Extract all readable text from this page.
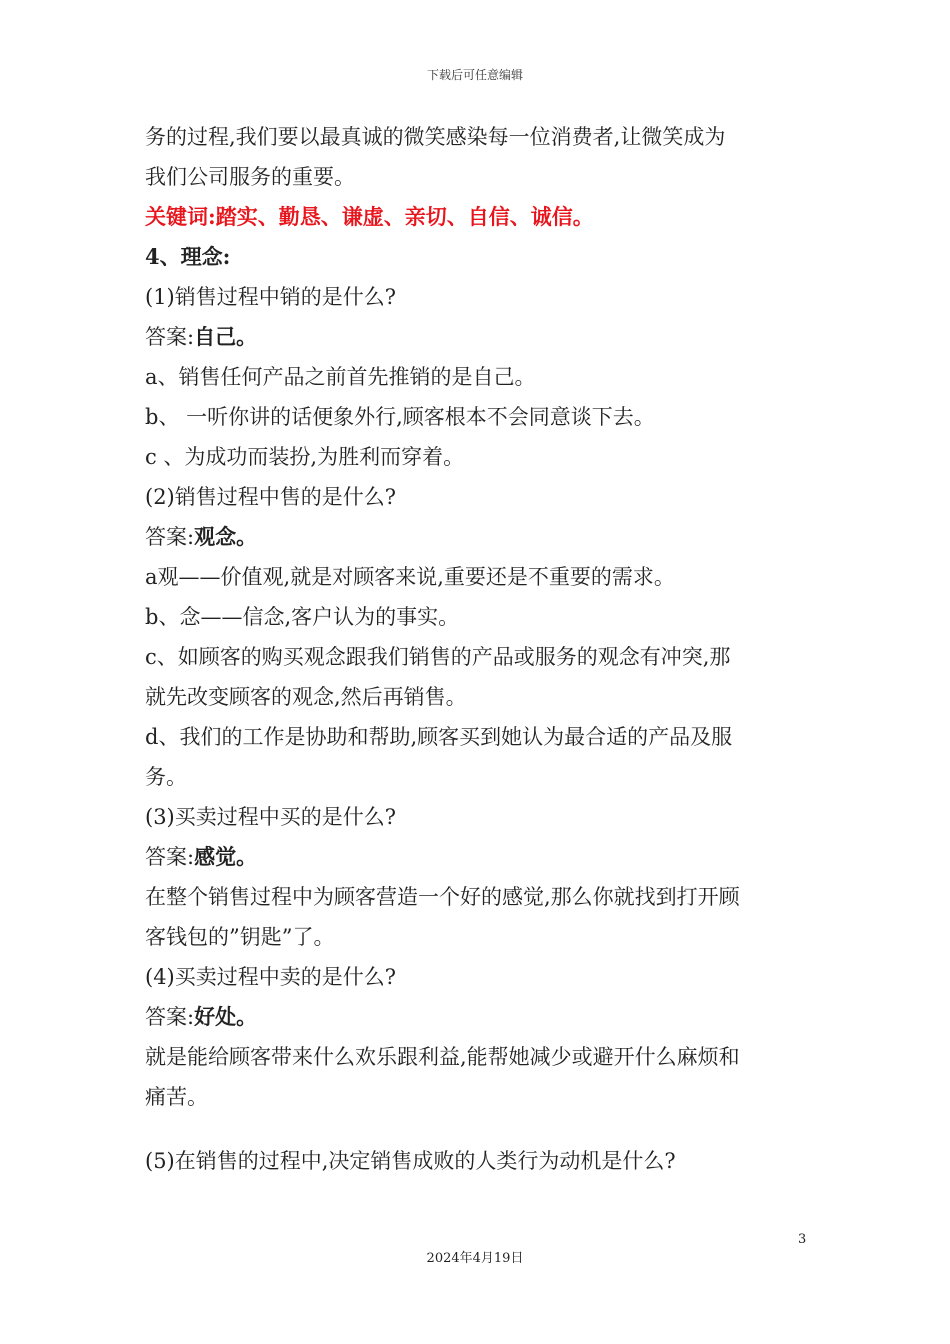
下载后可任意编辑
务的过程,我们要以最真诚的微笑感染每一位消费者,让微笑成为
我们公司服务的重要。
关键词:踏实、勤恳、谦虚、亲切、自信、诚信。
4、理念:
(1)销售过程中销的是什么?
答案:自己。
a、销售任何产品之前首先推销的是自己。
b、 一听你讲的话便象外行,顾客根本不会同意谈下去。
c 、为成功而装扮,为胜利而穿着。
(2)销售过程中售的是什么?
答案:观念。
a观——价值观,就是对顾客来说,重要还是不重要的需求。
b、念——信念,客户认为的事实。
c、如顾客的购买观念跟我们销售的产品或服务的观念有冲突,那
就先改变顾客的观念,然后再销售。
d、我们的工作是协助和帮助,顾客买到她认为最合适的产品及服
务。
(3)买卖过程中买的是什么?
答案:感觉。
在整个销售过程中为顾客营造一个好的感觉,那么你就找到打开顾
客钱包的”钥匙”了。
(4)买卖过程中卖的是什么?
答案:好处。
就是能给顾客带来什么欢乐跟利益,能帮她减少或避开什么麻烦和
痛苦。
(5)在销售的过程中,决定销售成败的人类行为动机是什么?
3
2024年4月19日
